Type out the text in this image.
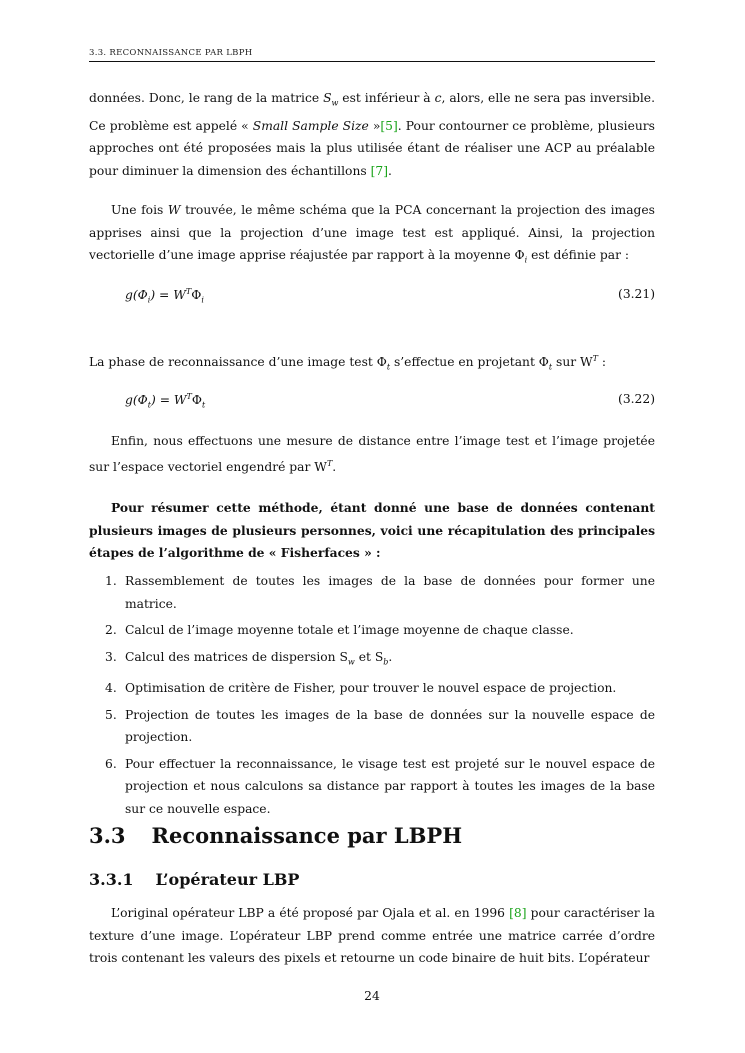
3.3. RECONNAISSANCE PAR LBPH

données. Donc, le rang de la matrice $S_w$ est inférieur à c, alors, elle ne sera pas inversible. Ce problème est appelé « Small Sample Size »[5]. Pour contourner ce problème, plusieurs approches ont été proposées mais la plus utilisée étant de réaliser une ACP au préalable pour diminuer la dimension des échantillons [7].

Une fois W trouvée, le même schéma que la PCA concernant la projection des images apprises ainsi que la projection d’une image test est appliqué. Ainsi, la projection vectorielle d’une image apprise réajustée par rapport à la moyenne $\Phi_i$ est définie par :

$g(\Phi_i) = W^T\Phi_i$	(3.21)

La phase de reconnaissance d’une image test $\Phi_t$ s’effectue en projetant $\Phi_t$ sur $W^T$ :

$g(\Phi_t) = W^T\Phi_t$	(3.22)

Enfin, nous effectuons une mesure de distance entre l’image test et l’image projetée sur l’espace vectoriel engendré par $W^T$.

Pour résumer cette méthode, étant donné une base de données contenant plusieurs images de plusieurs personnes, voici une récapitulation des principales étapes de l’algorithme de « Fisherfaces » :

1. Rassemblement de toutes les images de la base de données pour former une matrice.
2. Calcul de l’image moyenne totale et l’image moyenne de chaque classe.
3. Calcul des matrices de dispersion $S_w$ et $S_b$.
4. Optimisation de critère de Fisher, pour trouver le nouvel espace de projection.
5. Projection de toutes les images de la base de données sur la nouvelle espace de projection.
6. Pour effectuer la reconnaissance, le visage test est projeté sur le nouvel espace de projection et nous calculons sa distance par rapport à toutes les images de la base sur ce nouvelle espace.
3.3 Reconnaissance par LBPH
3.3.1 L’opérateur LBP

L’original opérateur LBP a été proposé par Ojala et al. en 1996 [8] pour caractériser la texture d’une image. L’opérateur LBP prend comme entrée une matrice carrée d’ordre trois contenant les valeurs des pixels et retourne un code binaire de huit bits. L’opérateur

24
